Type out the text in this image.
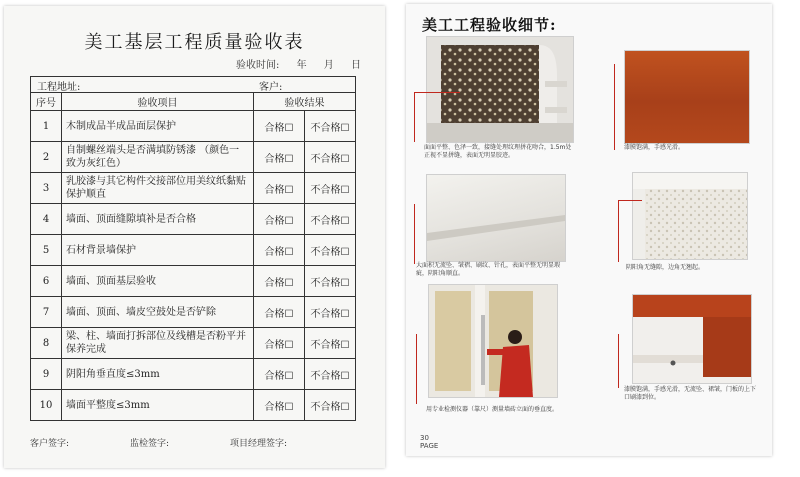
美工基层工程质量验收表
验收时间: 年 月 日
工程地址:	客户:
序号	验收项目	验收结果	
1	木制成品半成品面层保护	合格☐	不合格☐
2	自制螺丝端头是否满填防锈漆 （颜色一致为灰红色）	合格☐	不合格☐
3	乳胶漆与其它构件交接部位用美纹纸黏贴保护顺直	合格☐	不合格☐
4	墙面、顶面缝隙填补是否合格	合格☐	不合格☐
5	石材背景墙保护	合格☐	不合格☐
6	墙面、顶面基层验收	合格☐	不合格☐
7	墙面、顶面、墙皮空鼓处是否铲除	合格☐	不合格☐
8	梁、柱、墙面打拆部位及线槽是否粉平并保养完成	合格☐	不合格☐
9	阴阳角垂直度≤3mm	合格☐	不合格☐
10	墙面平整度≤3mm	合格☐	不合格☐
客户签字:	监检签字:	项目经理签字:
美工工程验收细节:
面面平整、色泽一致，接缝处理纹理拼花吻合，1.5m处正视不显拼缝，表面无明显胶迹。
漆膜饱满，手感光滑。
大面积无流坠、皱褶、刷纹、针孔，表面平整无明显瑕疵，阴阳角顺直。
阴阳角无缝隙，边角无翘起。
用专业检测仪器（靠尺）测量墙砖立面的垂直度。
漆膜饱满，手感光滑，无流坠、裙皱，门板的上下口刷漆到位。
30
PAGE
